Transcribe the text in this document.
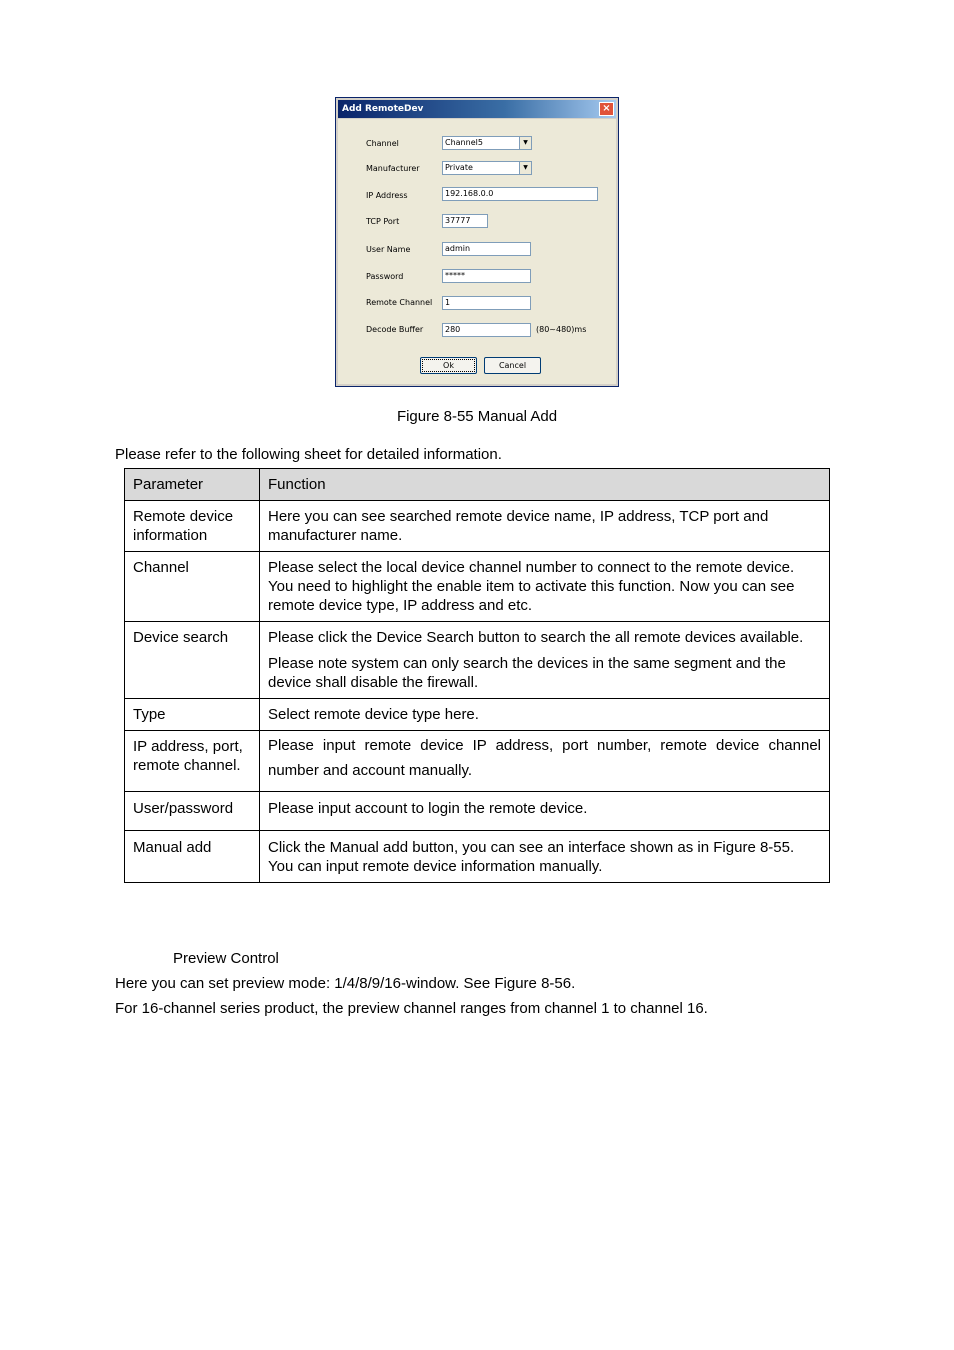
Add RemoteDev	×
Channel	Channel5	▼
Manufacturer	Private	▼
IP Address	192.168.0.0
TCP Port	37777
User Name	admin
Password	*****
Remote Channel	1
Decode Buffer	280	(80~480)ms
Ok	Cancel
Figure 8-55 Manual Add
Please refer to the following sheet for detailed information.
Parameter	Function
Remote device information	Here you can see searched remote device name, IP address, TCP port and manufacturer name.

Channel	Please select the local device channel number to connect to the remote device. You need to highlight the enable item to activate this function. Now you can see remote device type, IP address and etc.

Device search	Please click the Device Search button to search the all remote devices available.

Please note system can only search the devices in the same segment and the device shall disable the firewall.

Type	Select remote device type here.

IP address, port, remote channel.	Please input remote device IP address, port number, remote device channel number and account manually.

User/password	Please input account to login the remote device.

Manual add	Click the Manual add button, you can see an interface shown as in Figure 8-55. You can input remote device information manually.

Preview Control
Here you can set preview mode: 1/4/8/9/16-window. See Figure 8-56.
For 16-channel series product, the preview channel ranges from channel 1 to channel 16.
